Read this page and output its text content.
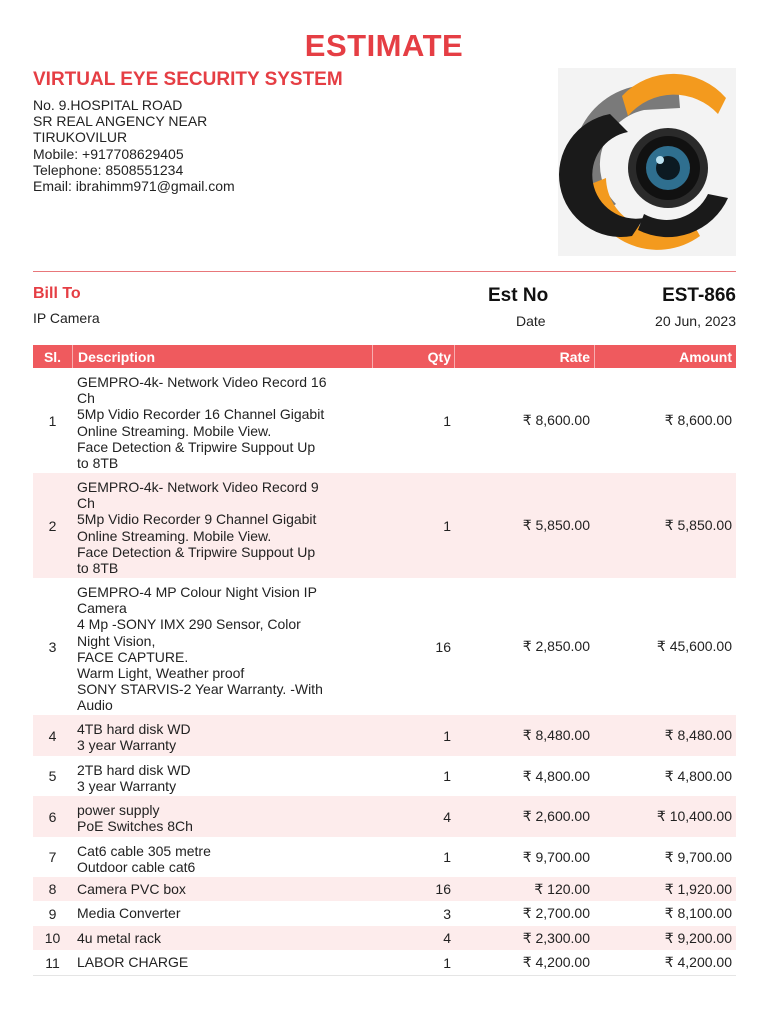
ESTIMATE
VIRTUAL EYE SECURITY SYSTEM
No. 9.HOSPITAL ROAD
SR REAL ANGENCY NEAR
TIRUKOVILUR
Mobile: +917708629405
Telephone: 8508551234
Email: ibrahimm971@gmail.com
Bill To
IP Camera
Est No	EST-866
Date	20 Jun, 2023
Sl.	Description	Qty	Rate	Amount
1
GEMPRO-4k- Network Video Record 16
Ch
5Mp Vidio Recorder 16 Channel Gigabit
Online Streaming. Mobile View.
Face Detection & Tripwire Suppout Up
to 8TB
1	₹ 8,600.00	₹ 8,600.00
2
GEMPRO-4k- Network Video Record 9
Ch
5Mp Vidio Recorder 9 Channel Gigabit
Online Streaming. Mobile View.
Face Detection & Tripwire Suppout Up
to 8TB
1	₹ 5,850.00	₹ 5,850.00
3
GEMPRO-4 MP Colour Night Vision IP
Camera
4 Mp -SONY IMX 290 Sensor, Color
Night Vision,
FACE CAPTURE.
Warm Light, Weather proof
SONY STARVIS-2 Year Warranty. -With
Audio
16	₹ 2,850.00	₹ 45,600.00
4	4TB hard disk WD
3 year Warranty
1	₹ 8,480.00	₹ 8,480.00
5	2TB hard disk WD
3 year Warranty
1	₹ 4,800.00	₹ 4,800.00
6	power supply
PoE Switches 8Ch
4	₹ 2,600.00	₹ 10,400.00
7	Cat6 cable 305 metre
Outdoor cable cat6
1	₹ 9,700.00	₹ 9,700.00
8	Camera PVC box	16	₹ 120.00	₹ 1,920.00
9	Media Converter	3	₹ 2,700.00	₹ 8,100.00
10	4u metal rack	4	₹ 2,300.00	₹ 9,200.00
11	LABOR CHARGE	1	₹ 4,200.00	₹ 4,200.00
